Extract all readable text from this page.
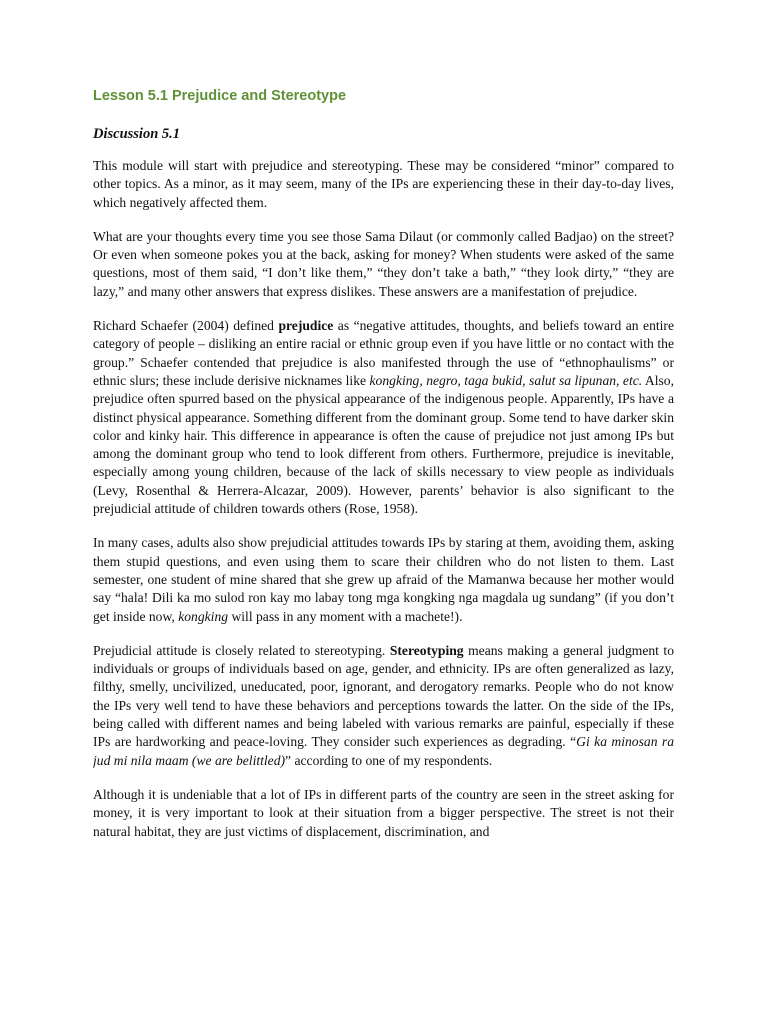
Lesson 5.1 Prejudice and Stereotype
Discussion 5.1

This module will start with prejudice and stereotyping. These may be considered “minor” compared to other topics. As a minor, as it may seem, many of the IPs are experiencing these in their day-to-day lives, which negatively affected them.

What are your thoughts every time you see those Sama Dilaut (or commonly called Badjao) on the street? Or even when someone pokes you at the back, asking for money? When students were asked of the same questions, most of them said, “I don’t like them,” “they don’t take a bath,” “they look dirty,” “they are lazy,” and many other answers that express dislikes. These answers are a manifestation of prejudice.

Richard Schaefer (2004) defined prejudice as “negative attitudes, thoughts, and beliefs toward an entire category of people – disliking an entire racial or ethnic group even if you have little or no contact with the group.” Schaefer contended that prejudice is also manifested through the use of “ethnophaulisms” or ethnic slurs; these include derisive nicknames like kongking, negro, taga bukid, salut sa lipunan, etc. Also, prejudice often spurred based on the physical appearance of the indigenous people. Apparently, IPs have a distinct physical appearance. Something different from the dominant group. Some tend to have darker skin color and kinky hair. This difference in appearance is often the cause of prejudice not just among IPs but among the dominant group who tend to look different from others. Furthermore, prejudice is inevitable, especially among young children, because of the lack of skills necessary to view people as individuals (Levy, Rosenthal & Herrera-Alcazar, 2009). However, parents’ behavior is also significant to the prejudicial attitude of children towards others (Rose, 1958).

In many cases, adults also show prejudicial attitudes towards IPs by staring at them, avoiding them, asking them stupid questions, and even using them to scare their children who do not listen to them. Last semester, one student of mine shared that she grew up afraid of the Mamanwa because her mother would say “hala! Dili ka mo sulod ron kay mo labay tong mga kongking nga magdala ug sundang” (if you don’t get inside now, kongking will pass in any moment with a machete!).

Prejudicial attitude is closely related to stereotyping. Stereotyping means making a general judgment to individuals or groups of individuals based on age, gender, and ethnicity. IPs are often generalized as lazy, filthy, smelly, uncivilized, uneducated, poor, ignorant, and derogatory remarks. People who do not know the IPs very well tend to have these behaviors and perceptions towards the latter. On the side of the IPs, being called with different names and being labeled with various remarks are painful, especially if these IPs are hardworking and peace-loving. They consider such experiences as degrading. “Gi ka minosan ra jud mi nila maam (we are belittled)” according to one of my respondents.

Although it is undeniable that a lot of IPs in different parts of the country are seen in the street asking for money, it is very important to look at their situation from a bigger perspective. The street is not their natural habitat, they are just victims of displacement, discrimination, and
